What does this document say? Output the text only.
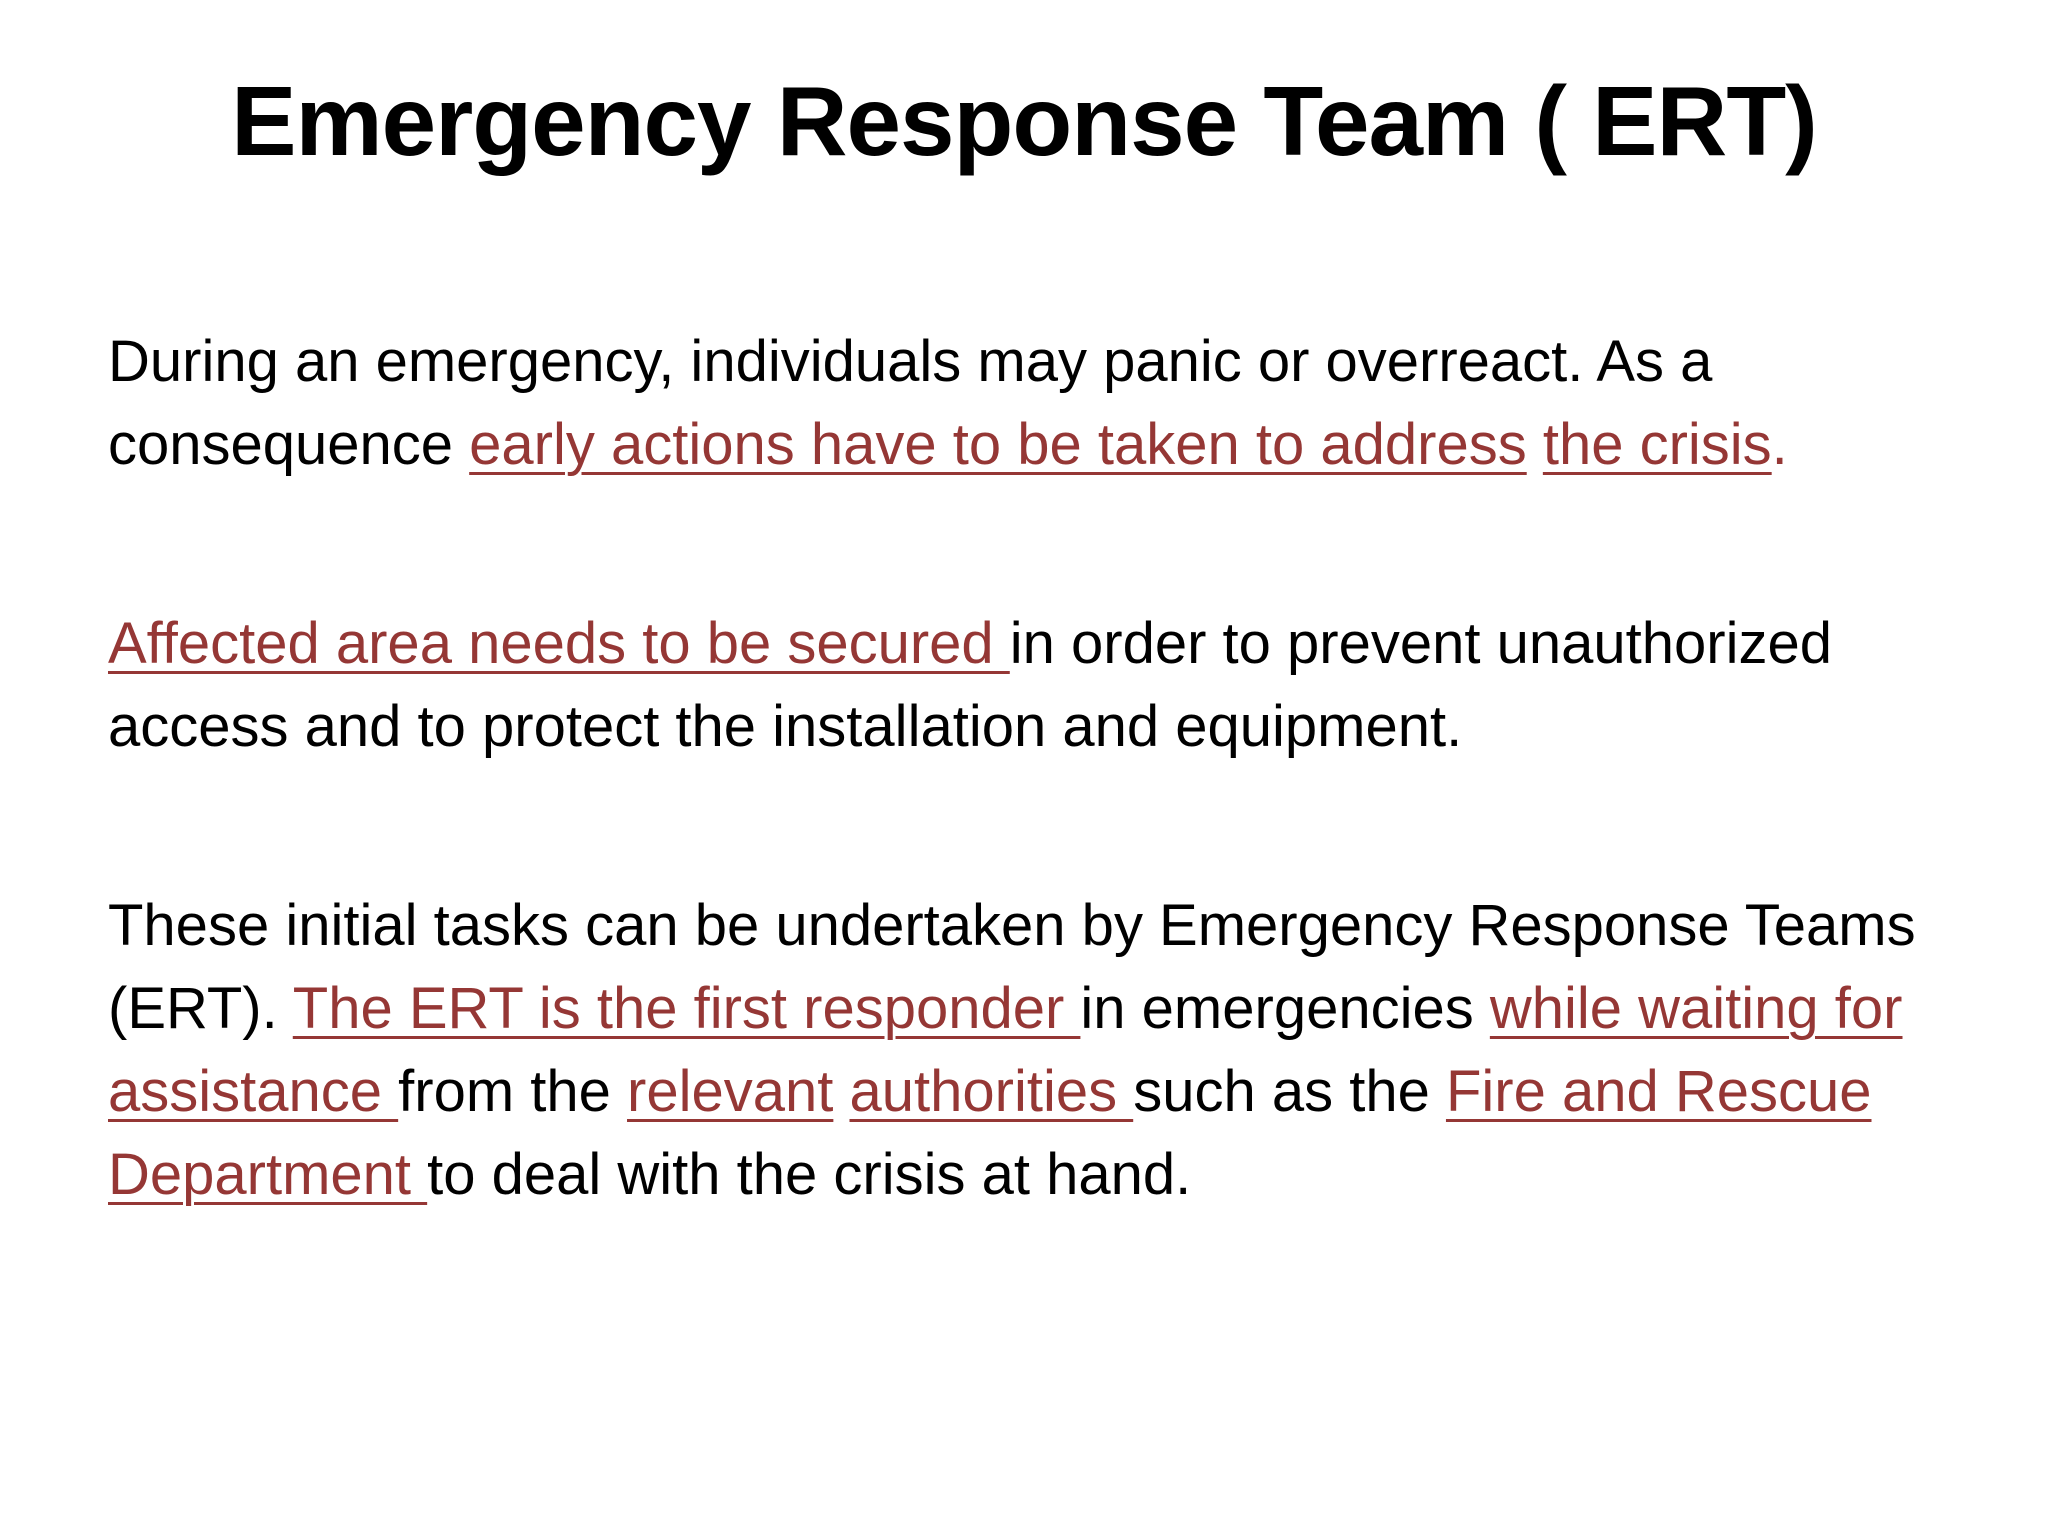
Emergency Response Team ( ERT)

During an emergency, individuals may panic or overreact. As a consequence early actions have to be taken to address the crisis.

Affected area needs to be secured in order to prevent unauthorized access and to protect the installation and equipment.

These initial tasks can be undertaken by Emergency Response Teams (ERT). The ERT is the first responder in emergencies while waiting for assistance from the relevant authorities such as the Fire and Rescue Department to deal with the crisis at hand.
